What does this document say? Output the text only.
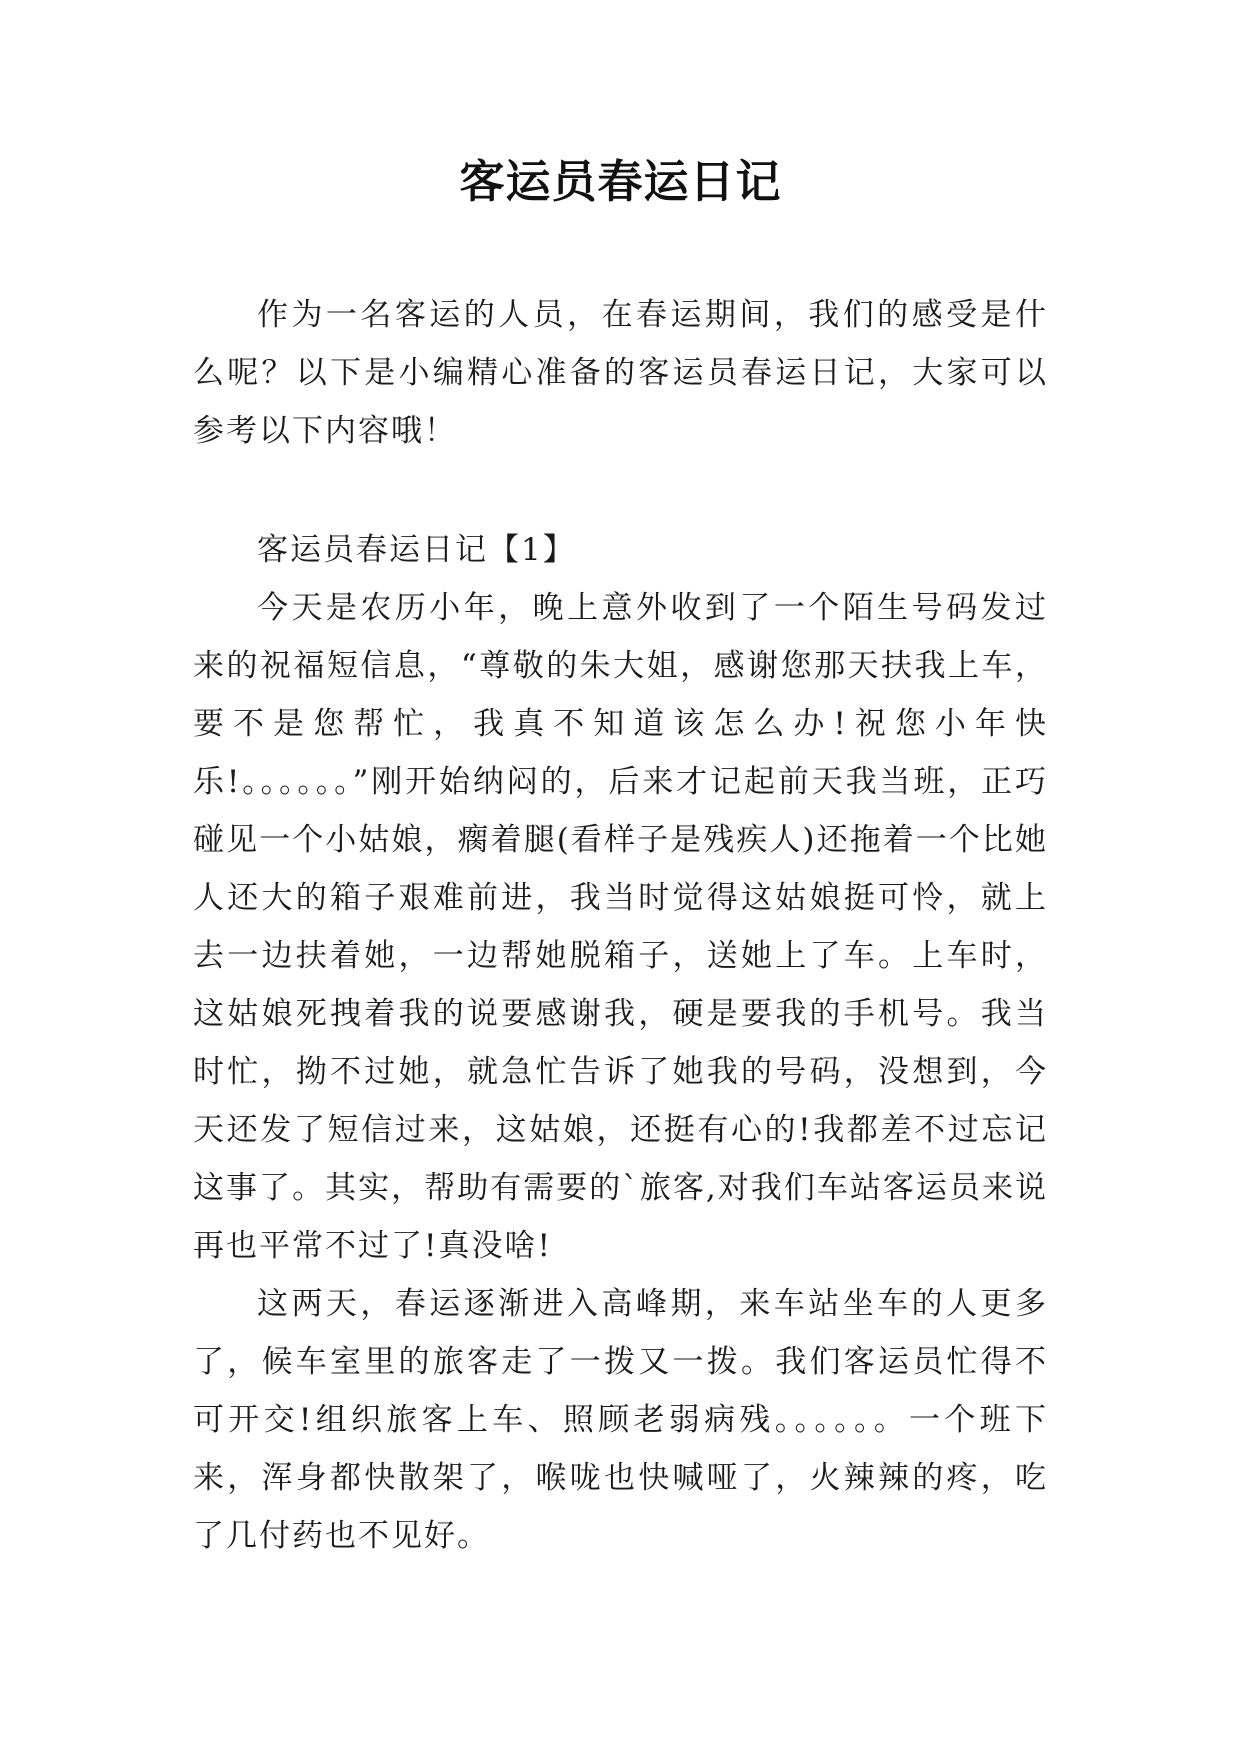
客运员春运日记

作为一名客运的人员，在春运期间，我们的感受是什么呢？以下是小编精心准备的客运员春运日记，大家可以参考以下内容哦！

客运员春运日记【1】

今天是农历小年，晚上意外收到了一个陌生号码发过来的祝福短信息，“尊敬的朱大姐，感谢您那天扶我上车，要不是您帮忙，我真不知道该怎么办!祝您小年快乐!。。。。。。”刚开始纳闷的，后来才记起前天我当班，正巧碰见一个小姑娘，瘸着腿(看样子是残疾人)还拖着一个比她人还大的箱子艰难前进，我当时觉得这姑娘挺可怜，就上去一边扶着她，一边帮她脱箱子，送她上了车。上车时，这姑娘死拽着我的说要感谢我，硬是要我的手机号。我当时忙，拗不过她，就急忙告诉了她我的号码，没想到，今天还发了短信过来，这姑娘，还挺有心的!我都差不过忘记这事了。其实，帮助有需要的`旅客,对我们车站客运员来说再也平常不过了!真没啥!

这两天，春运逐渐进入高峰期，来车站坐车的人更多了，候车室里的旅客走了一拨又一拨。我们客运员忙得不可开交!组织旅客上车、照顾老弱病残。。。。。。一个班下来，浑身都快散架了，喉咙也快喊哑了，火辣辣的疼，吃了几付药也不见好。
